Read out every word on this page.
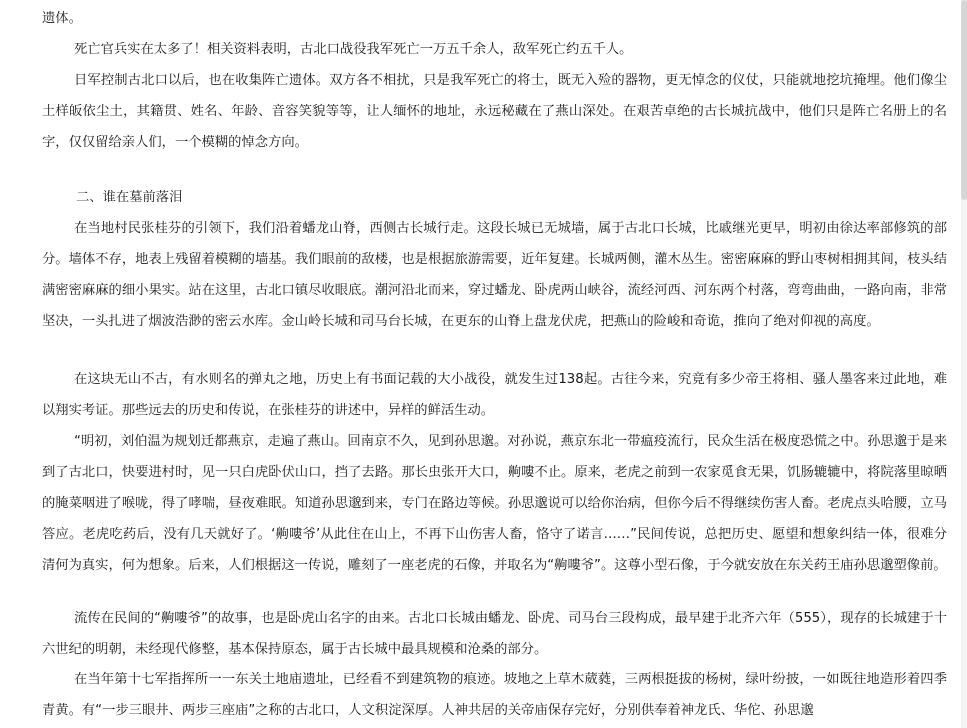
遗体。

死亡官兵实在太多了！相关资料表明，古北口战役我军死亡一万五千余人，敌军死亡约五千人。

日军控制古北口以后，也在收集阵亡遗体。双方各不相扰，只是我军死亡的将士，既无入殓的器物，更无悼念的仪仗，只能就地挖坑掩埋。他们像尘土样皈依尘土，其籍贯、姓名、年龄、音容笑貌等等，让人缅怀的地址，永远秘藏在了燕山深处。在艰苦卓绝的古长城抗战中，他们只是阵亡名册上的名字，仅仅留给亲人们，一个模糊的悼念方向。

二、谁在墓前落泪

在当地村民张桂芬的引领下，我们沿着蟠龙山脊，西侧古长城行走。这段长城已无城墙，属于古北口长城，比戚继光更早，明初由徐达率部修筑的部分。墙体不存，地表上残留着模糊的墙基。我们眼前的敌楼，也是根据旅游需要，近年复建。长城两侧，灌木丛生。密密麻麻的野山枣树相拥其间，枝头结满密密麻麻的细小果实。站在这里，古北口镇尽收眼底。潮河沿北而来，穿过蟠龙、卧虎两山峡谷，流经河西、河东两个村落，弯弯曲曲，一路向南，非常坚决，一头扎进了烟波浩渺的密云水库。金山岭长城和司马台长城，在更东的山脊上盘龙伏虎，把燕山的险峻和奇诡，推向了绝对仰视的高度。

在这块无山不古，有水则名的弹丸之地，历史上有书面记载的大小战役，就发生过138起。古往今来，究竟有多少帝王将相、骚人墨客来过此地，难以翔实考证。那些远去的历史和传说，在张桂芬的讲述中，异样的鲜活生动。

“明初，刘伯温为规划迁都燕京，走遍了燕山。回南京不久，见到孙思邈。对孙说，燕京东北一带瘟疫流行，民众生活在极度恐慌之中。孙思邈于是来到了古北口，快要进村时，见一只白虎卧伏山口，挡了去路。那长虫张开大口，齁嘍不止。原来，老虎之前到一农家觅食无果，饥肠辘辘中，将院落里晾晒的腌菜咽进了喉咙，得了哮喘，昼夜难眠。知道孙思邈到来，专门在路边等候。孙思邈说可以给你治病，但你今后不得继续伤害人畜。老虎点头哈腰，立马答应。老虎吃药后，没有几天就好了。‘齁嘍爷’从此住在山上，不再下山伤害人畜，恪守了诺言……”民间传说，总把历史、愿望和想象纠结一体，很难分清何为真实，何为想象。后来，人们根据这一传说，雕刻了一座老虎的石像，并取名为“齁嘍爷”。这尊小型石像，于今就安放在东关药王庙孙思邈塑像前。

流传在民间的“齁嘍爷”的故事，也是卧虎山名字的由来。古北口长城由蟠龙、卧虎、司马台三段构成，最早建于北齐六年（555），现存的长城建于十六世纪的明朝，未经现代修整，基本保持原态，属于古长城中最具规模和沧桑的部分。

在当年第十七军指挥所一一东关土地庙遗址，已经看不到建筑物的痕迹。坡地之上草木葳蕤，三两根挺拔的杨树，绿叶纷披，一如既往地造形着四季青黄。有“一步三眼井、两步三座庙”之称的古北口，人文积淀深厚。人神共居的关帝庙保存完好，分别供奉着神龙氏、华佗、孙思邈
